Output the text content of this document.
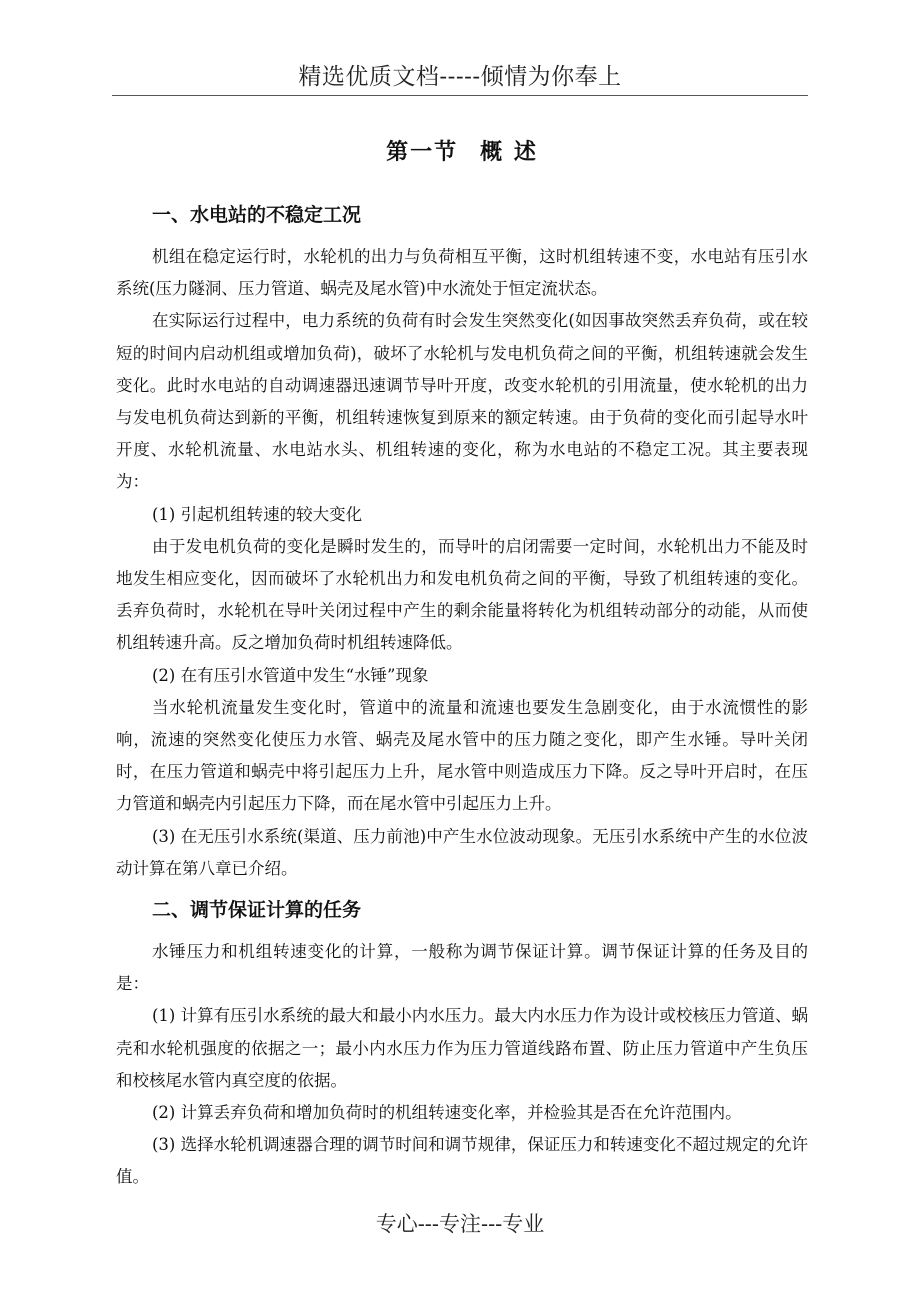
精选优质文档-----倾情为你奉上
第一节 概 述
一、水电站的不稳定工况

机组在稳定运行时，水轮机的出力与负荷相互平衡，这时机组转速不变，水电站有压引水系统(压力隧洞、压力管道、蜗壳及尾水管)中水流处于恒定流状态。

在实际运行过程中，电力系统的负荷有时会发生突然变化(如因事故突然丢弃负荷，或在较短的时间内启动机组或增加负荷)，破坏了水轮机与发电机负荷之间的平衡，机组转速就会发生变化。此时水电站的自动调速器迅速调节导叶开度，改变水轮机的引用流量，使水轮机的出力与发电机负荷达到新的平衡，机组转速恢复到原来的额定转速。由于负荷的变化而引起导水叶开度、水轮机流量、水电站水头、机组转速的变化，称为水电站的不稳定工况。其主要表现为：

(1) 引起机组转速的较大变化

由于发电机负荷的变化是瞬时发生的，而导叶的启闭需要一定时间，水轮机出力不能及时地发生相应变化，因而破坏了水轮机出力和发电机负荷之间的平衡，导致了机组转速的变化。丢弃负荷时，水轮机在导叶关闭过程中产生的剩余能量将转化为机组转动部分的动能，从而使机组转速升高。反之增加负荷时机组转速降低。

(2) 在有压引水管道中发生“水锤”现象

当水轮机流量发生变化时，管道中的流量和流速也要发生急剧变化，由于水流惯性的影响，流速的突然变化使压力水管、蜗壳及尾水管中的压力随之变化，即产生水锤。导叶关闭时，在压力管道和蜗壳中将引起压力上升，尾水管中则造成压力下降。反之导叶开启时，在压力管道和蜗壳内引起压力下降，而在尾水管中引起压力上升。

(3) 在无压引水系统(渠道、压力前池)中产生水位波动现象。无压引水系统中产生的水位波动计算在第八章已介绍。

二、调节保证计算的任务

水锤压力和机组转速变化的计算，一般称为调节保证计算。调节保证计算的任务及目的是：

(1) 计算有压引水系统的最大和最小内水压力。最大内水压力作为设计或校核压力管道、蜗壳和水轮机强度的依据之一；最小内水压力作为压力管道线路布置、防止压力管道中产生负压和校核尾水管内真空度的依据。

(2) 计算丢弃负荷和增加负荷时的机组转速变化率，并检验其是否在允许范围内。

(3) 选择水轮机调速器合理的调节时间和调节规律，保证压力和转速变化不超过规定的允许值。

专心---专注---专业
